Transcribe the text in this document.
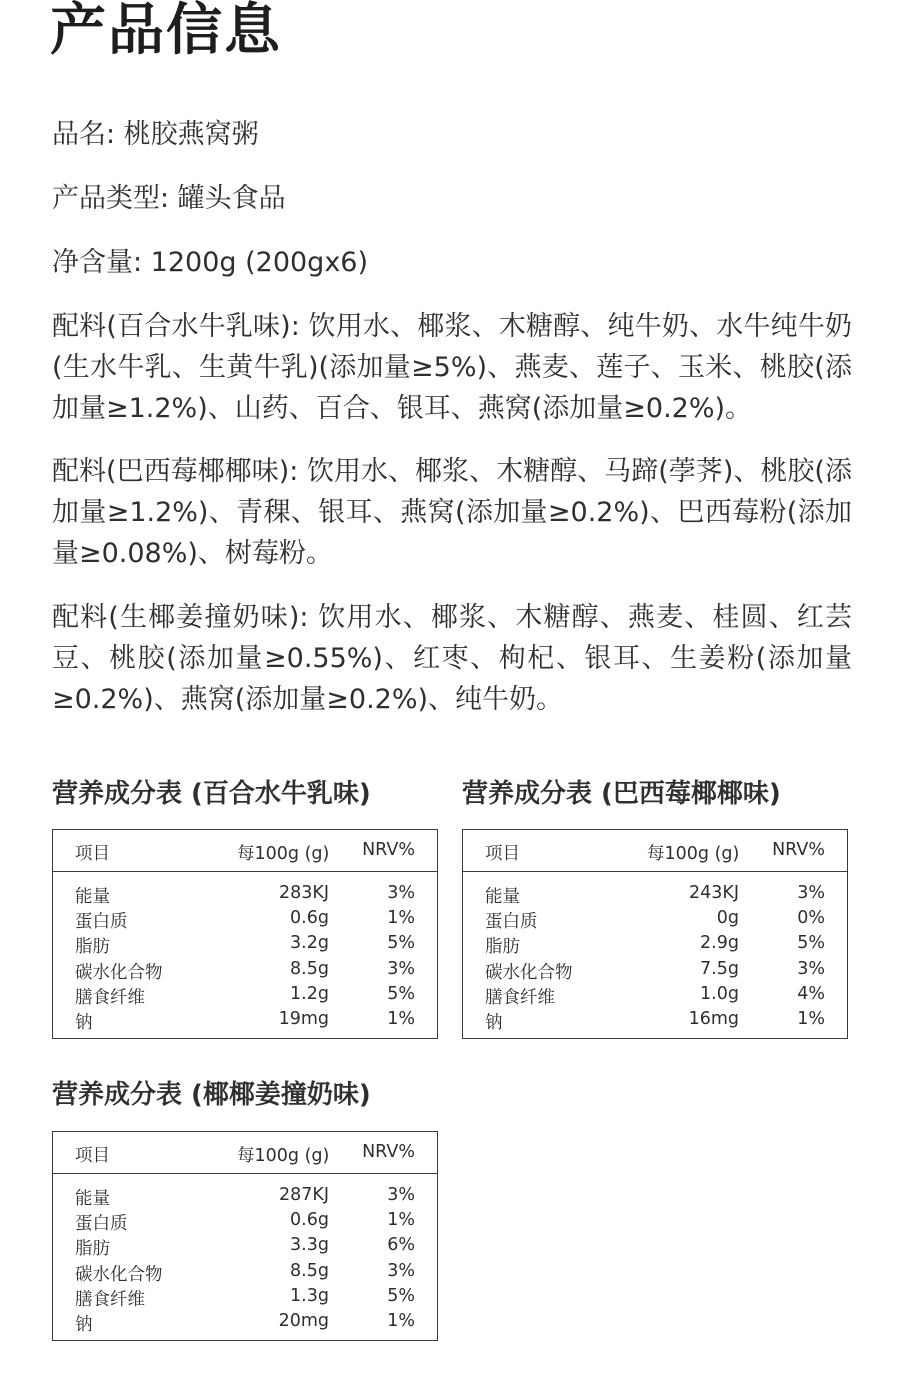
产品信息

品名: 桃胶燕窝粥

产品类型: 罐头食品

净含量: 1200g (200gx6)

配料(百合水牛乳味): 饮用水、椰浆、木糖醇、纯牛奶、水牛纯牛奶(生水牛乳、生黄牛乳)(添加量≥5%)、燕麦、莲子、玉米、桃胶(添加量≥1.2%)、山药、百合、银耳、燕窝(添加量≥0.2%)。

配料(巴西莓椰椰味): 饮用水、椰浆、木糖醇、马蹄(荸荠)、桃胶(添加量≥1.2%)、青稞、银耳、燕窝(添加量≥0.2%)、巴西莓粉(添加量≥0.08%)、树莓粉。

配料(生椰姜撞奶味): 饮用水、椰浆、木糖醇、燕麦、桂圆、红芸豆、桃胶(添加量≥0.55%)、红枣、枸杞、银耳、生姜粉(添加量≥0.2%)、燕窝(添加量≥0.2%)、纯牛奶。

营养成分表 (百合水牛乳味)
项目	每100g (g) NRV%
能量	283KJ	3%
蛋白质	0.6g	1%
脂肪	3.2g	5%
碳水化合物	8.5g	3%
膳食纤维	1.2g	5%
钠	19mg	1%
营养成分表 (巴西莓椰椰味)
项目	每100g (g) NRV%
能量	243KJ	3%
蛋白质	0g	0%
脂肪	2.9g	5%
碳水化合物	7.5g	3%
膳食纤维	1.0g	4%
钠	16mg	1%
营养成分表 (椰椰姜撞奶味)
项目	每100g (g) NRV%
能量	287KJ	3%
蛋白质	0.6g	1%
脂肪	3.3g	6%
碳水化合物	8.5g	3%
膳食纤维	1.3g	5%
钠	20mg	1%
